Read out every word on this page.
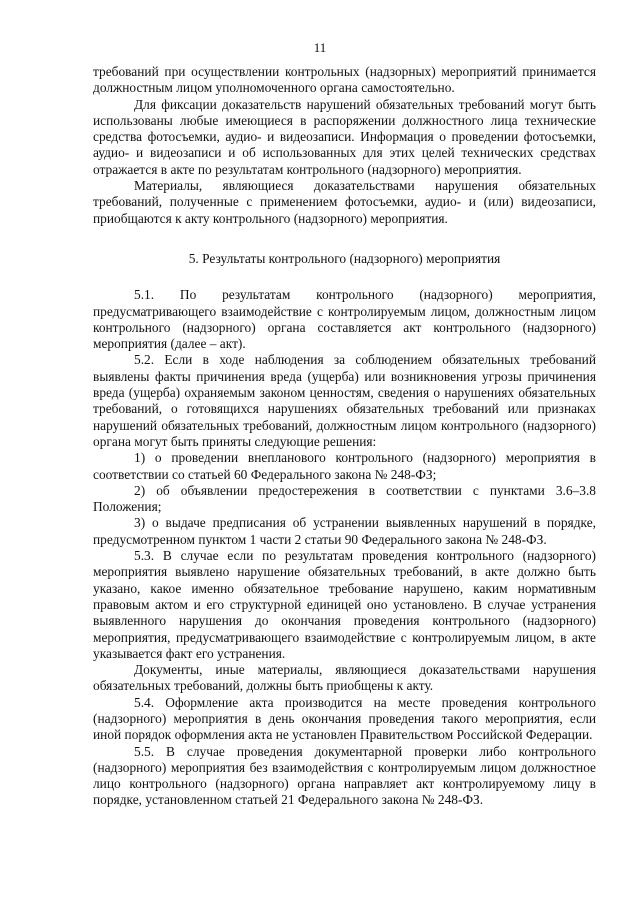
11

требований при осуществлении контрольных (надзорных) мероприятий принимается должностным лицом уполномоченного органа самостоятельно.

Для фиксации доказательств нарушений обязательных требований могут быть использованы любые имеющиеся в распоряжении должностного лица технические средства фотосъемки, аудио- и видеозаписи. Информация о проведении фотосъемки, аудио- и видеозаписи и об использованных для этих целей технических средствах отражается в акте по результатам контрольного (надзорного) мероприятия.

Материалы, являющиеся доказательствами нарушения обязательных требований, полученные с применением фотосъемки, аудио- и (или) видеозаписи, приобщаются к акту контрольного (надзорного) мероприятия.

5. Результаты контрольного (надзорного) мероприятия

5.1. По результатам контрольного (надзорного) мероприятия, предусматривающего взаимодействие с контролируемым лицом, должностным лицом контрольного (надзорного) органа составляется акт контрольного (надзорного) мероприятия (далее – акт).

5.2. Если в ходе наблюдения за соблюдением обязательных требований выявлены факты причинения вреда (ущерба) или возникновения угрозы причинения вреда (ущерба) охраняемым законом ценностям, сведения о нарушениях обязательных требований, о готовящихся нарушениях обязательных требований или признаках нарушений обязательных требований, должностным лицом контрольного (надзорного) органа могут быть приняты следующие решения:

1) о проведении внепланового контрольного (надзорного) мероприятия в соответствии со статьей 60 Федерального закона № 248-ФЗ;

2) об объявлении предостережения в соответствии с пунктами 3.6–3.8 Положения;

3) о выдаче предписания об устранении выявленных нарушений в порядке, предусмотренном пунктом 1 части 2 статьи 90 Федерального закона № 248-ФЗ.

5.3. В случае если по результатам проведения контрольного (надзорного) мероприятия выявлено нарушение обязательных требований, в акте должно быть указано, какое именно обязательное требование нарушено, каким нормативным правовым актом и его структурной единицей оно установлено. В случае устранения выявленного нарушения до окончания проведения контрольного (надзорного) мероприятия, предусматривающего взаимодействие с контролируемым лицом, в акте указывается факт его устранения.

Документы, иные материалы, являющиеся доказательствами нарушения обязательных требований, должны быть приобщены к акту.

5.4. Оформление акта производится на месте проведения контрольного (надзорного) мероприятия в день окончания проведения такого мероприятия, если иной порядок оформления акта не установлен Правительством Российской Федерации.

5.5. В случае проведения документарной проверки либо контрольного (надзорного) мероприятия без взаимодействия с контролируемым лицом должностное лицо контрольного (надзорного) органа направляет акт контролируемому лицу в порядке, установленном статьей 21 Федерального закона № 248-ФЗ.
